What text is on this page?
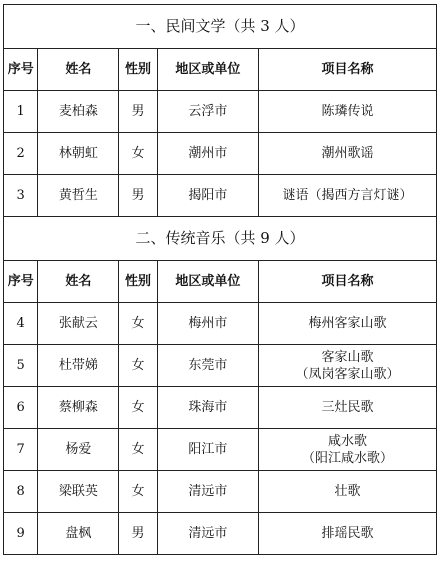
一、民间文学（共 3 人）				
序号	姓名	性别	地区或单位	项目名称
1	麦柏森	男	云浮市	陈璘传说
2	林朝虹	女	潮州市	潮州歌谣
3	黄哲生	男	揭阳市	谜语（揭西方言灯谜）
二、传统音乐（共 9 人）				
序号	姓名	性别	地区或单位	项目名称
4	张献云	女	梅州市	梅州客家山歌
5	杜带娣	女	东莞市	客家山歌
（凤岗客家山歌）

6	蔡柳森	女	珠海市	三灶民歌
7	杨爱	女	阳江市	咸水歌
（阳江咸水歌）

8	梁联英	女	清远市	壮歌
9	盘枫	男	清远市	排瑶民歌
